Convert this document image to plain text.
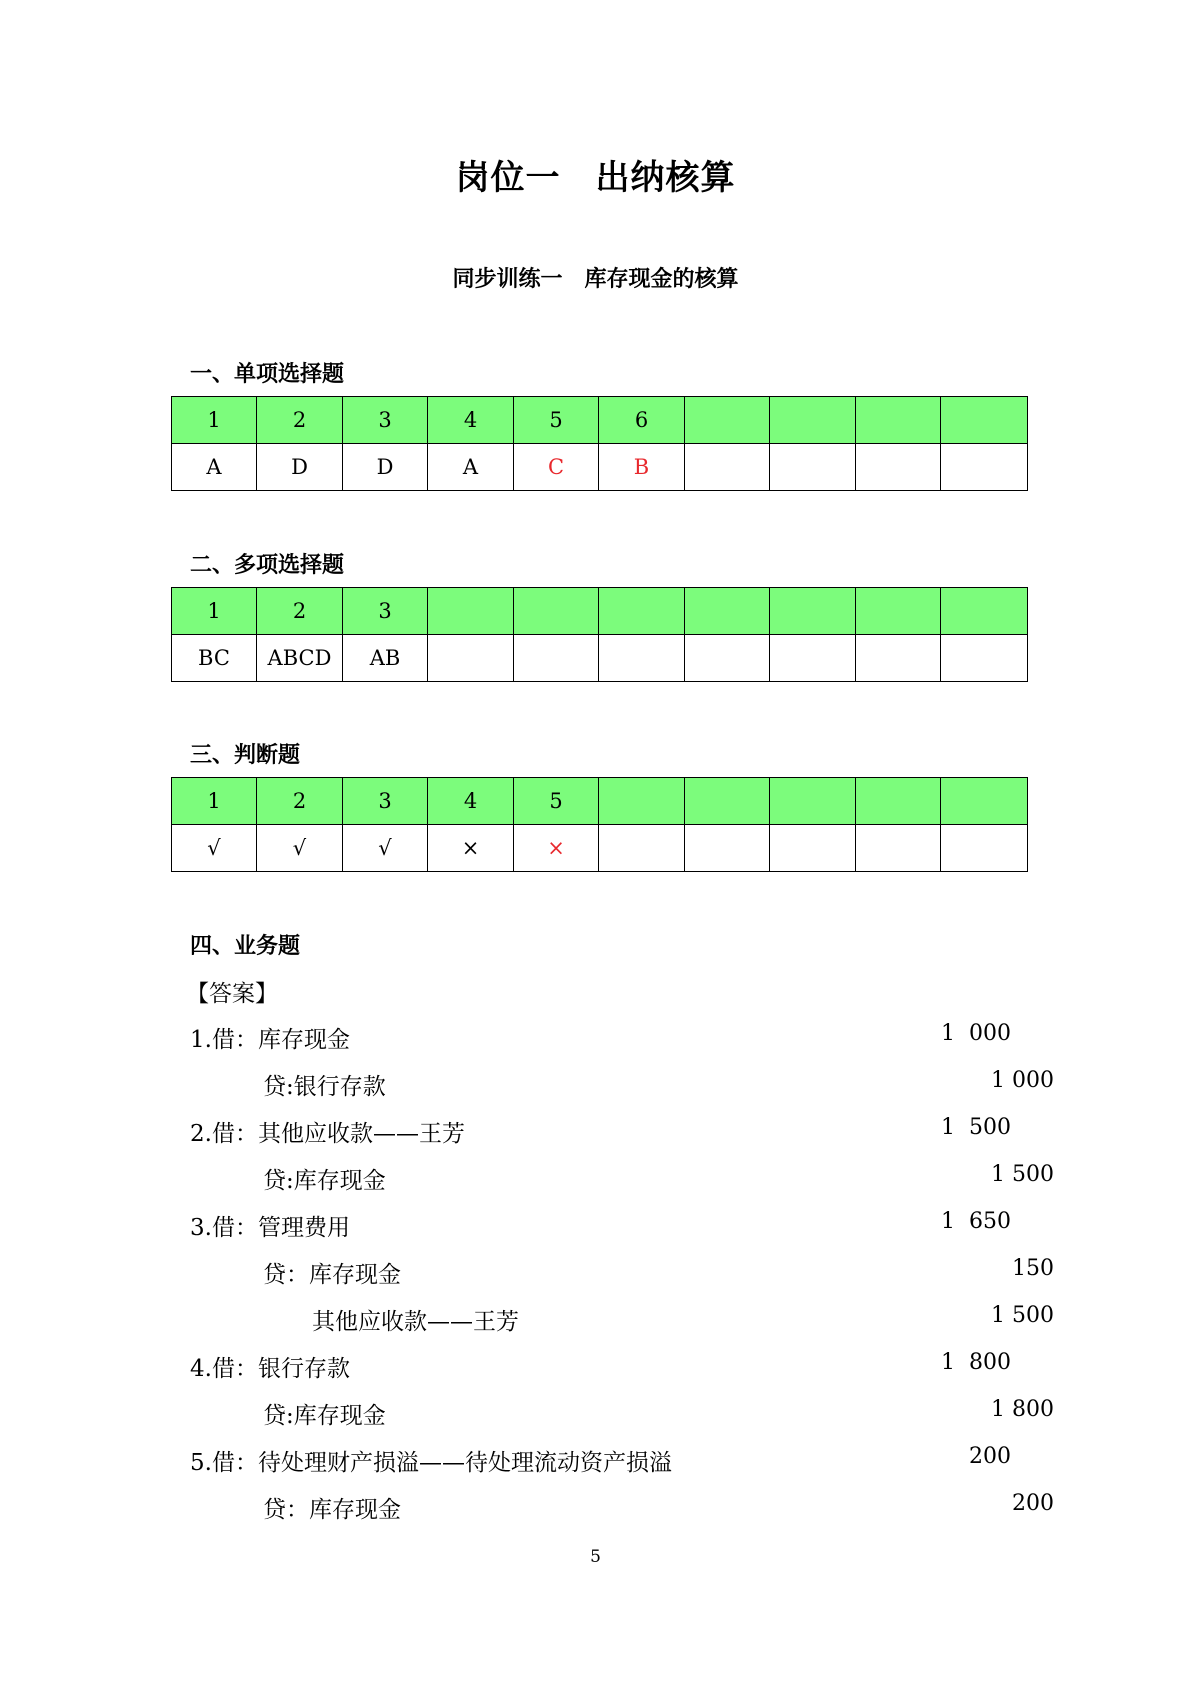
岗位一　出纳核算
同步训练一　库存现金的核算
一、单项选择题
1	2	3	4	5	6				
A	D	D	A	C	B				
二、多项选择题
1	2	3							
BC	ABCD	AB							
三、判断题
1	2	3	4	5					
√	√	√	×	×					
四、业务题
【答案】
1.借：库存现金	1  000
贷:银行存款	1 000
2.借：其他应收款——王芳	1  500
贷:库存现金	1 500
3.借：管理费用	1  650
贷：库存现金	150
其他应收款——王芳	1 500
4.借：银行存款	1  800
贷:库存现金	1 800
5.借：待处理财产损溢——待处理流动资产损溢	200
贷：库存现金	200
5
